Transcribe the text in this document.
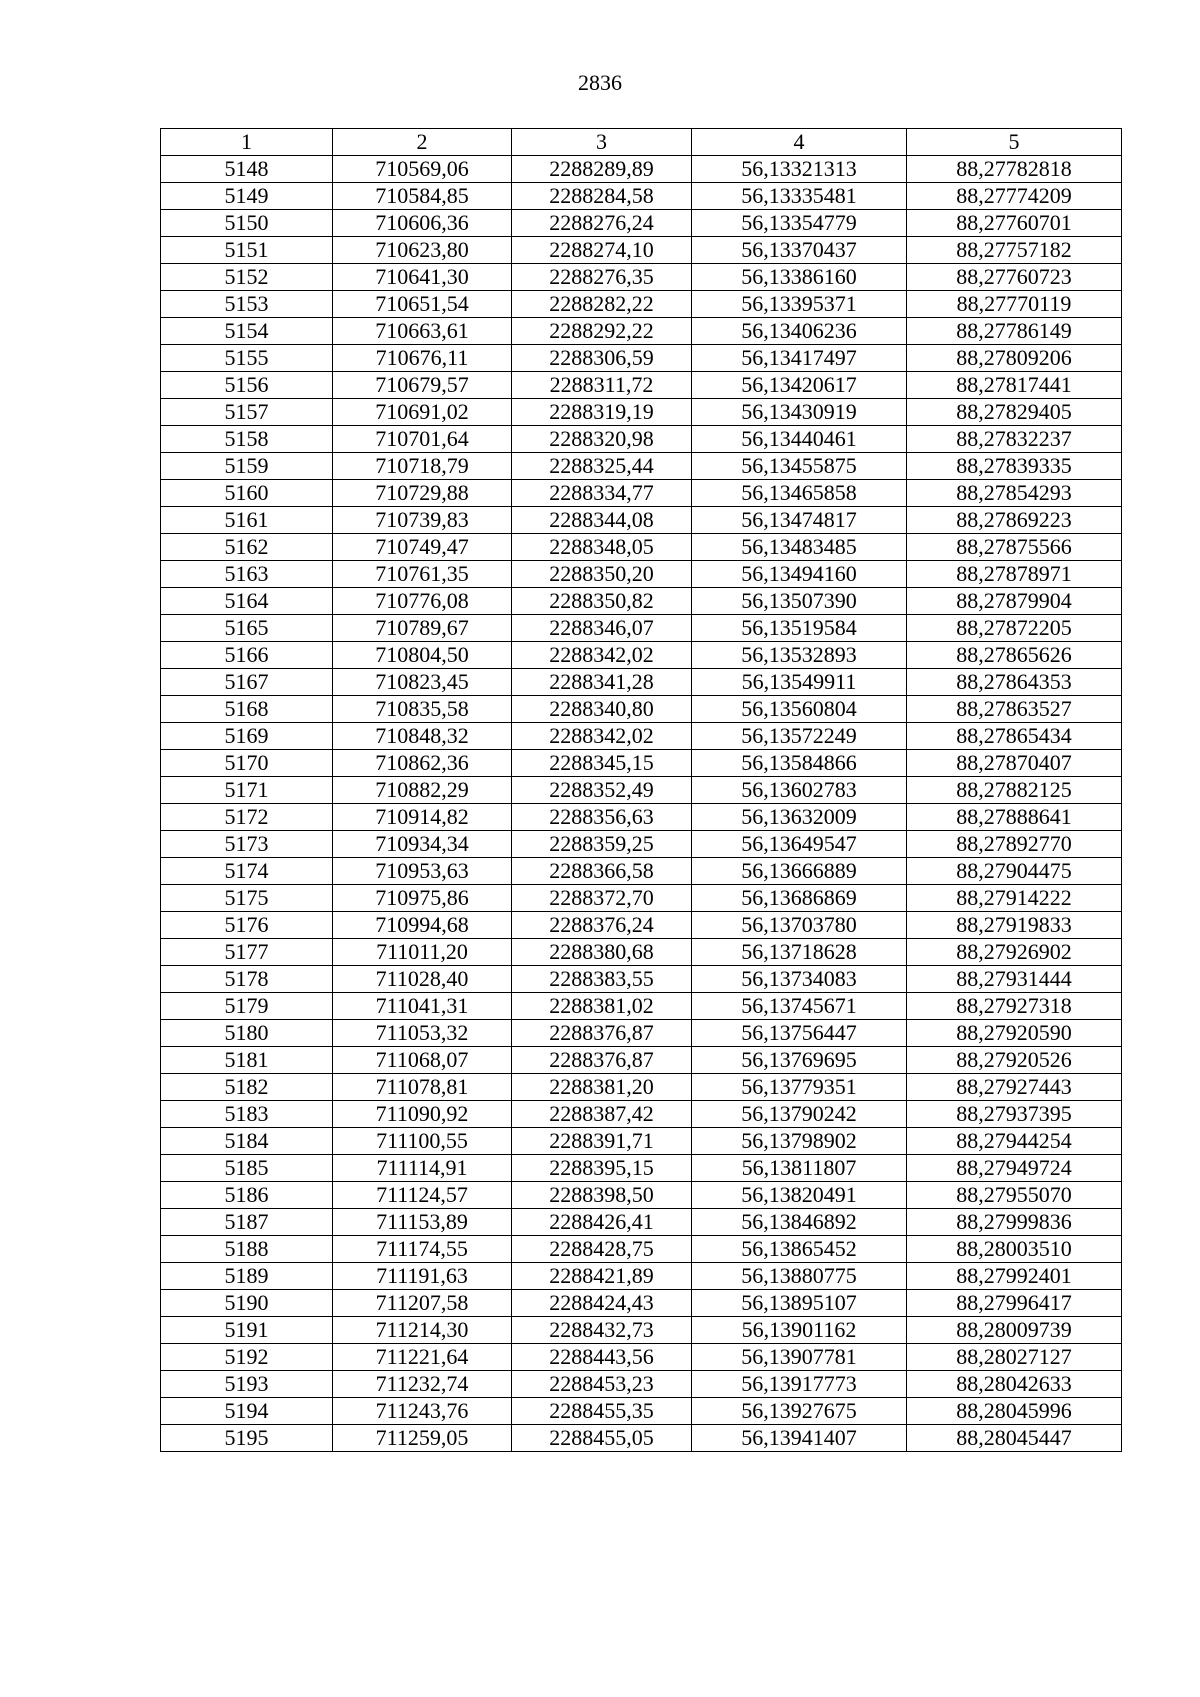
2836
1	2	3	4	5
5148	710569,06	2288289,89	56,13321313	88,27782818
5149	710584,85	2288284,58	56,13335481	88,27774209
5150	710606,36	2288276,24	56,13354779	88,27760701
5151	710623,80	2288274,10	56,13370437	88,27757182
5152	710641,30	2288276,35	56,13386160	88,27760723
5153	710651,54	2288282,22	56,13395371	88,27770119
5154	710663,61	2288292,22	56,13406236	88,27786149
5155	710676,11	2288306,59	56,13417497	88,27809206
5156	710679,57	2288311,72	56,13420617	88,27817441
5157	710691,02	2288319,19	56,13430919	88,27829405
5158	710701,64	2288320,98	56,13440461	88,27832237
5159	710718,79	2288325,44	56,13455875	88,27839335
5160	710729,88	2288334,77	56,13465858	88,27854293
5161	710739,83	2288344,08	56,13474817	88,27869223
5162	710749,47	2288348,05	56,13483485	88,27875566
5163	710761,35	2288350,20	56,13494160	88,27878971
5164	710776,08	2288350,82	56,13507390	88,27879904
5165	710789,67	2288346,07	56,13519584	88,27872205
5166	710804,50	2288342,02	56,13532893	88,27865626
5167	710823,45	2288341,28	56,13549911	88,27864353
5168	710835,58	2288340,80	56,13560804	88,27863527
5169	710848,32	2288342,02	56,13572249	88,27865434
5170	710862,36	2288345,15	56,13584866	88,27870407
5171	710882,29	2288352,49	56,13602783	88,27882125
5172	710914,82	2288356,63	56,13632009	88,27888641
5173	710934,34	2288359,25	56,13649547	88,27892770
5174	710953,63	2288366,58	56,13666889	88,27904475
5175	710975,86	2288372,70	56,13686869	88,27914222
5176	710994,68	2288376,24	56,13703780	88,27919833
5177	711011,20	2288380,68	56,13718628	88,27926902
5178	711028,40	2288383,55	56,13734083	88,27931444
5179	711041,31	2288381,02	56,13745671	88,27927318
5180	711053,32	2288376,87	56,13756447	88,27920590
5181	711068,07	2288376,87	56,13769695	88,27920526
5182	711078,81	2288381,20	56,13779351	88,27927443
5183	711090,92	2288387,42	56,13790242	88,27937395
5184	711100,55	2288391,71	56,13798902	88,27944254
5185	711114,91	2288395,15	56,13811807	88,27949724
5186	711124,57	2288398,50	56,13820491	88,27955070
5187	711153,89	2288426,41	56,13846892	88,27999836
5188	711174,55	2288428,75	56,13865452	88,28003510
5189	711191,63	2288421,89	56,13880775	88,27992401
5190	711207,58	2288424,43	56,13895107	88,27996417
5191	711214,30	2288432,73	56,13901162	88,28009739
5192	711221,64	2288443,56	56,13907781	88,28027127
5193	711232,74	2288453,23	56,13917773	88,28042633
5194	711243,76	2288455,35	56,13927675	88,28045996
5195	711259,05	2288455,05	56,13941407	88,28045447
